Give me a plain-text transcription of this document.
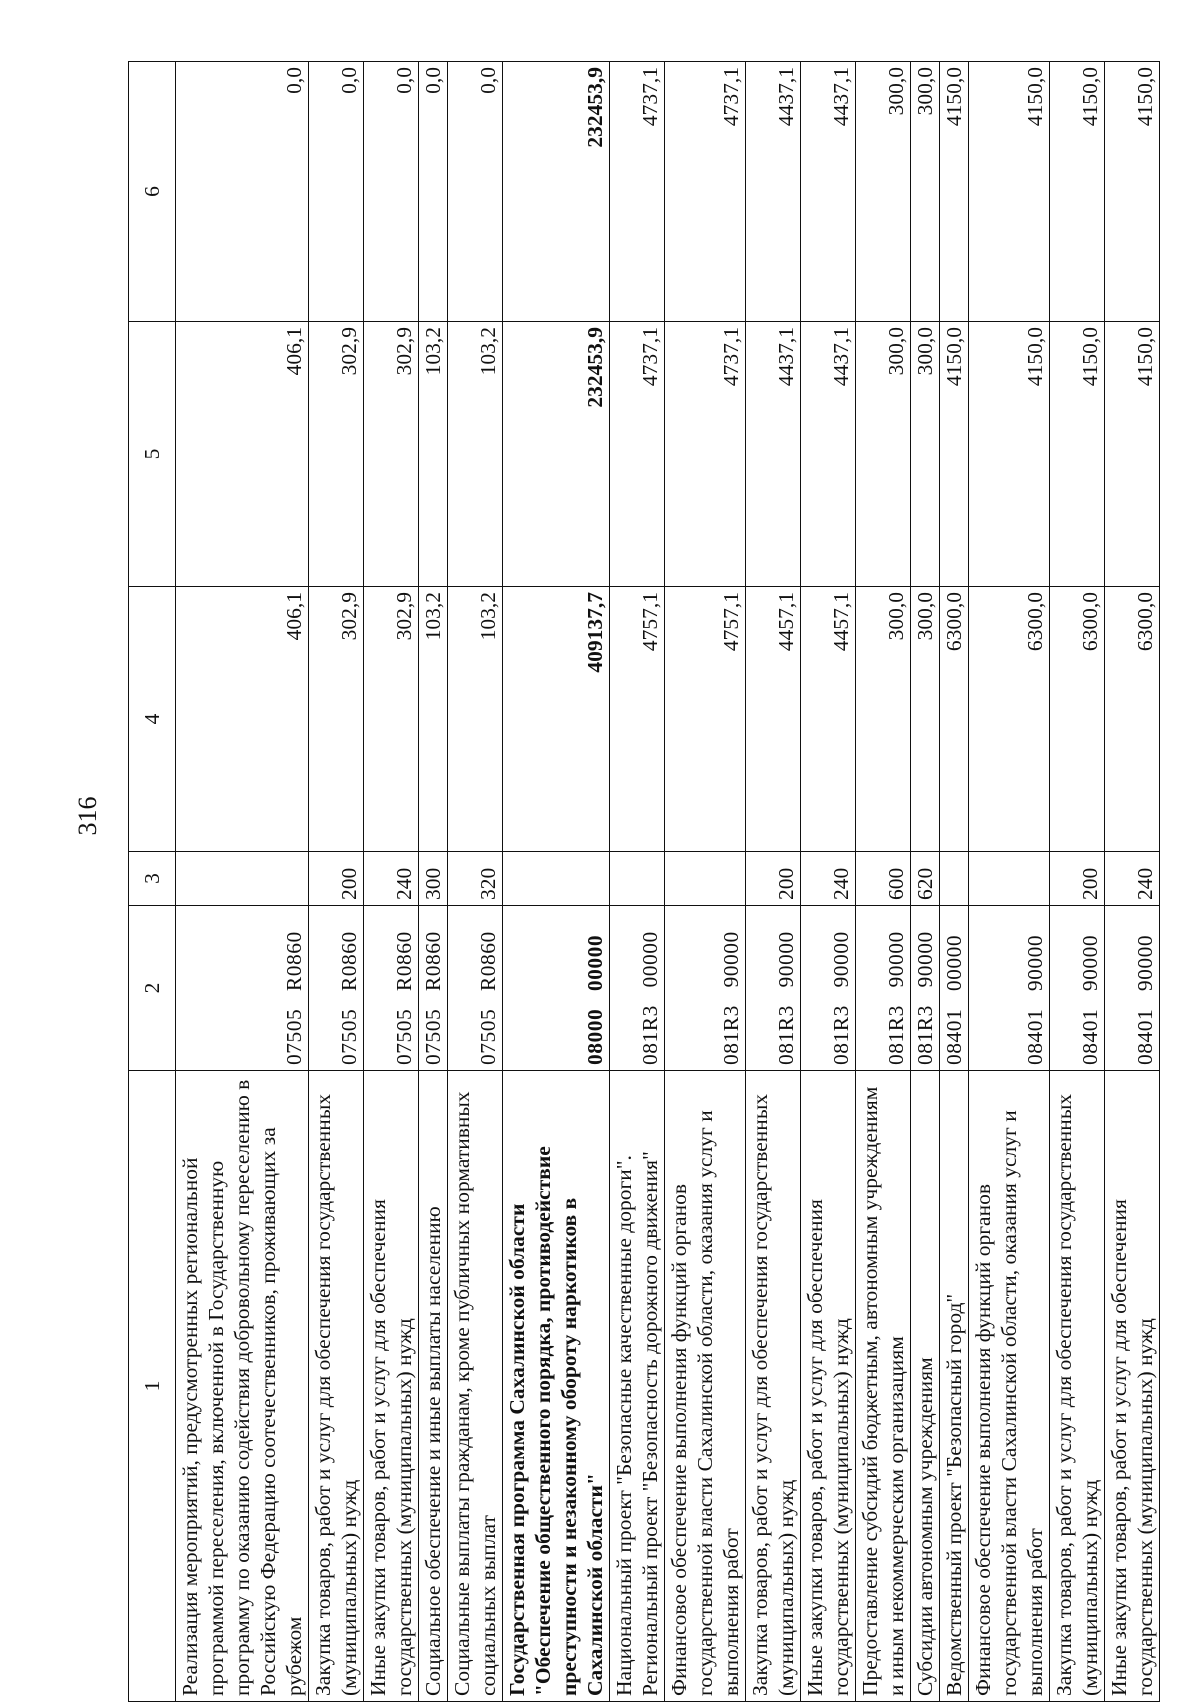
316
1	2	3	4	5	6
Реализация мероприятий, предусмотренных региональной программой переселения, включенной в Государственную программу по оказанию содействия добровольному переселению в Российскую Федерацию соотечественников, проживающих за рубежом	07505   R0860		406,1	406,1	0,0
Закупка товаров, работ и услуг для обеспечения государственных (муниципальных) нужд	07505   R0860	200	302,9	302,9	0,0
Иные закупки товаров, работ и услуг для обеспечения государственных (муниципальных) нужд	07505   R0860	240	302,9	302,9	0,0
Социальное обеспечение и иные выплаты населению	07505   R0860	300	103,2	103,2	0,0
Социальные выплаты гражданам, кроме публичных нормативных социальных выплат	07505   R0860	320	103,2	103,2	0,0
Государственная программа Сахалинской области "Обеспечение общественного порядка, противодействие преступности и незаконному обороту наркотиков в Сахалинской области"	08000   00000		409137,7	232453,9	232453,9
Национальный проект "Безопасные качественные дороги". Региональный проект "Безопасность дорожного движения"	081R3   00000		4757,1	4737,1	4737,1
Финансовое обеспечение выполнения функций органов государственной власти Сахалинской области, оказания услуг и выполнения работ	081R3   90000		4757,1	4737,1	4737,1
Закупка товаров, работ и услуг для обеспечения государственных (муниципальных) нужд	081R3   90000	200	4457,1	4437,1	4437,1
Иные закупки товаров, работ и услуг для обеспечения государственных (муниципальных) нужд	081R3   90000	240	4457,1	4437,1	4437,1
Предоставление субсидий бюджетным, автономным учреждениям и иным некоммерческим организациям	081R3   90000	600	300,0	300,0	300,0
Субсидии автономным учреждениям	081R3   90000	620	300,0	300,0	300,0
Ведомственный проект "Безопасный город"	08401   00000		6300,0	4150,0	4150,0
Финансовое обеспечение выполнения функций органов государственной власти Сахалинской области, оказания услуг и выполнения работ	08401   90000		6300,0	4150,0	4150,0
Закупка товаров, работ и услуг для обеспечения государственных (муниципальных) нужд	08401   90000	200	6300,0	4150,0	4150,0
Иные закупки товаров, работ и услуг для обеспечения государственных (муниципальных) нужд	08401   90000	240	6300,0	4150,0	4150,0
